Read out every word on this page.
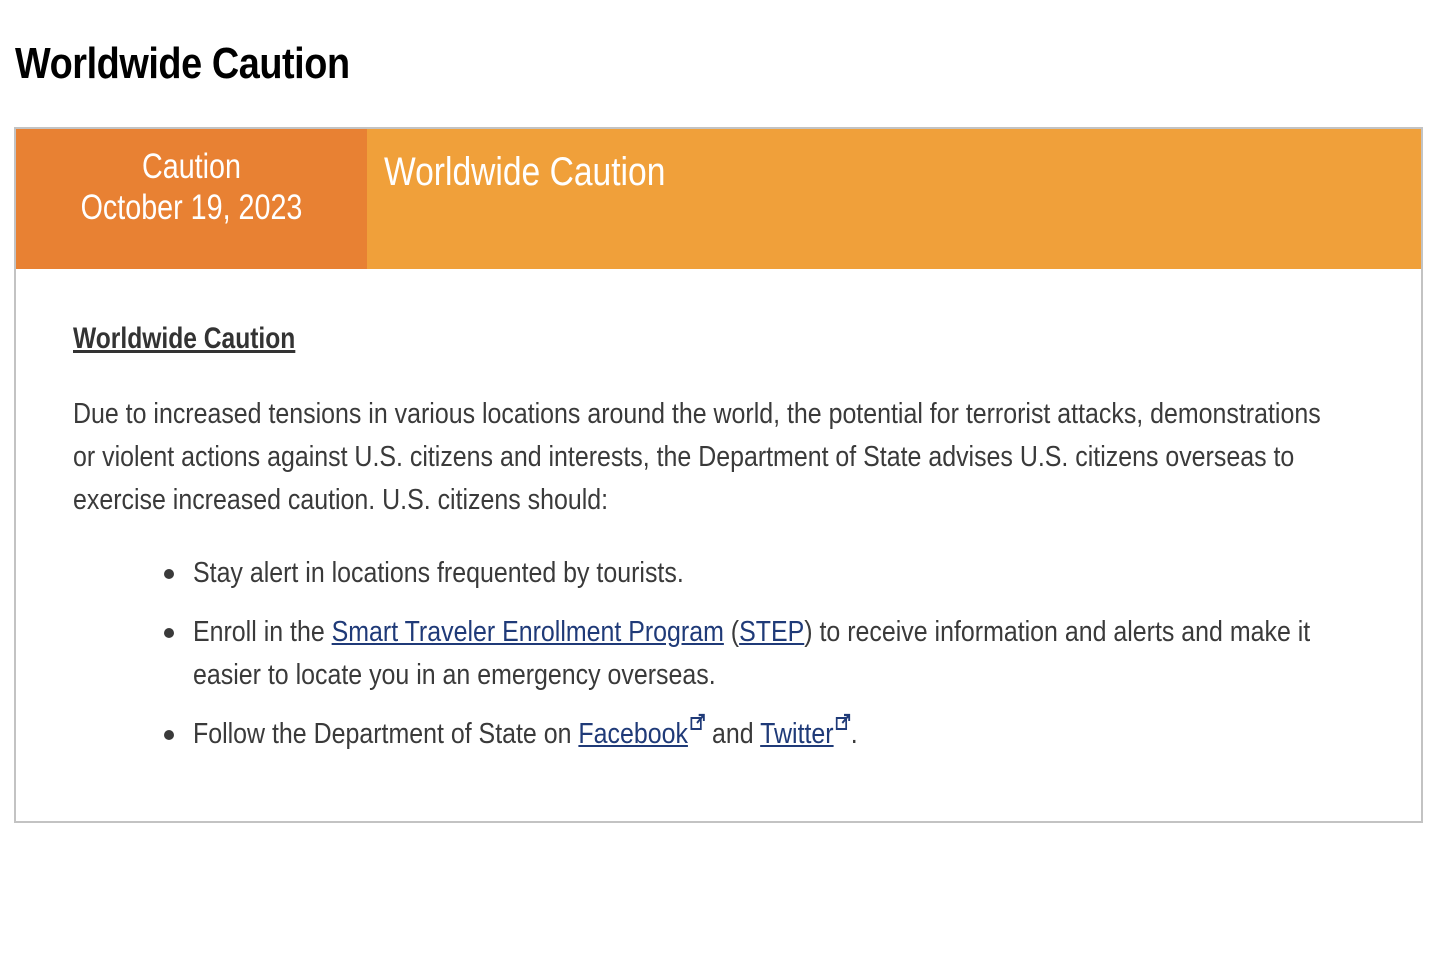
Worldwide Caution
Caution
October 19, 2023
Worldwide Caution
Worldwide Caution

Due to increased tensions in various locations around the world, the potential for terrorist attacks, demonstrations or violent actions against U.S. citizens and interests, the Department of State advises U.S. citizens overseas to exercise increased caution. U.S. citizens should:

Stay alert in locations frequented by tourists.
Enroll in the Smart Traveler Enrollment Program (STEP) to receive information and alerts and make it easier to locate you in an emergency overseas.
Follow the Department of State on Facebook and Twitter .
